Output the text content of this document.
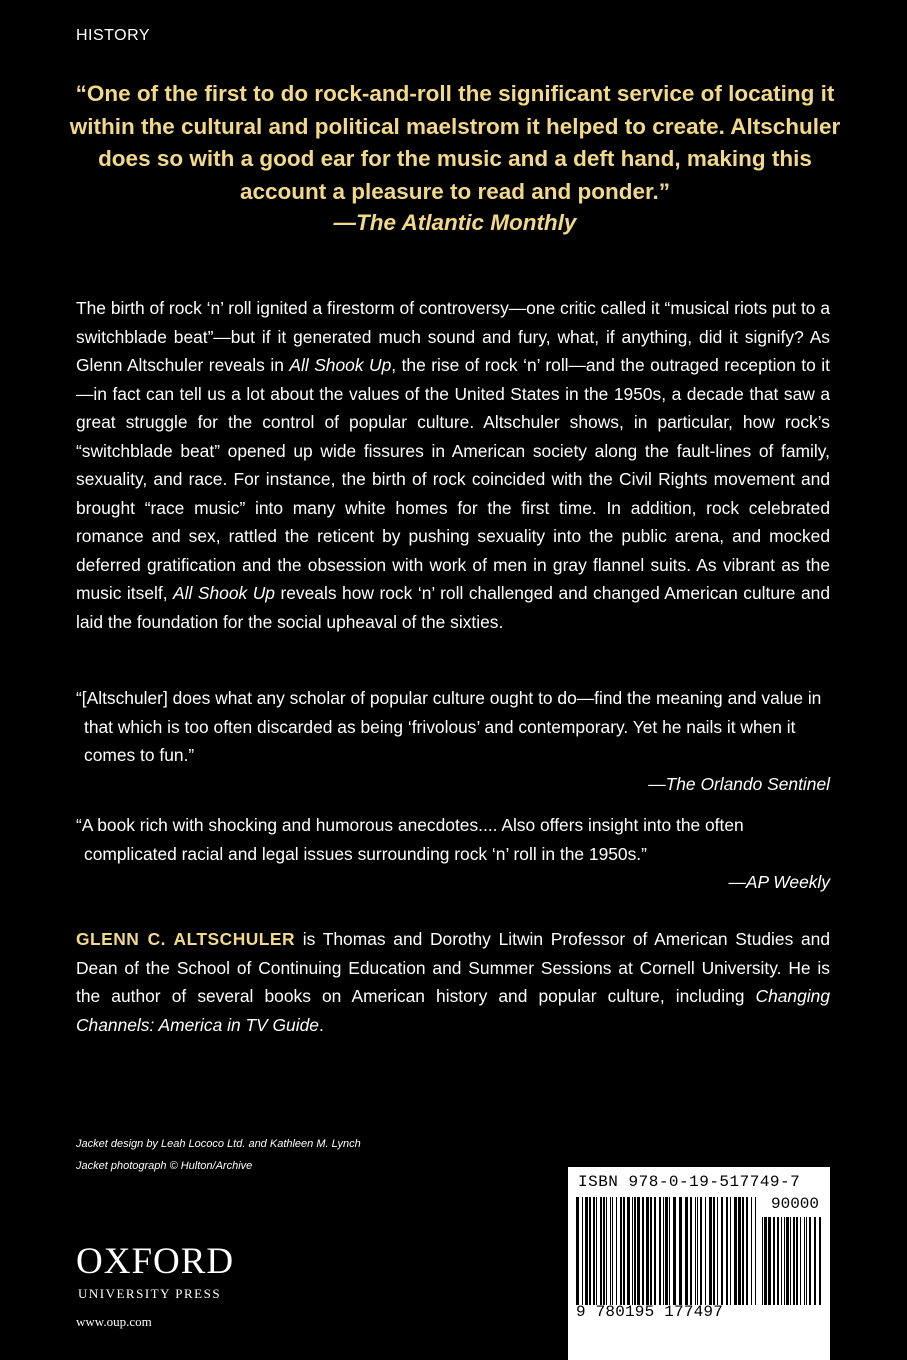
HISTORY
“One of the first to do rock-and-roll the significant service of locating it within the cultural and political maelstrom it helped to create. Altschuler does so with a good ear for the music and a deft hand, making this account a pleasure to read and ponder.”
—The Atlantic Monthly

The birth of rock ‘n’ roll ignited a firestorm of controversy—one critic called it “musical riots put to a switchblade beat”—but if it generated much sound and fury, what, if anything, did it signify? As Glenn Altschuler reveals in All Shook Up, the rise of rock ‘n’ roll—and the outraged reception to it—in fact can tell us a lot about the values of the United States in the 1950s, a decade that saw a great struggle for the control of popular culture. Altschuler shows, in particular, how rock’s “switchblade beat” opened up wide fissures in American society along the fault-lines of family, sexuality, and race. For instance, the birth of rock coincided with the Civil Rights movement and brought “race music” into many white homes for the first time. In addition, rock celebrated romance and sex, rattled the reticent by pushing sexuality into the public arena, and mocked deferred gratification and the obsession with work of men in gray flannel suits. As vibrant as the music itself, All Shook Up reveals how rock ‘n’ roll challenged and changed American culture and laid the foundation for the social upheaval of the sixties.

“[Altschuler] does what any scholar of popular culture ought to do—find the meaning and value in that which is too often discarded as being ‘frivolous’ and contemporary. Yet he nails it when it comes to fun.”
—The Orlando Sentinel
“A book rich with shocking and humorous anecdotes.... Also offers insight into the often complicated racial and legal issues surrounding rock ‘n’ roll in the 1950s.”
—AP Weekly

GLENN C. ALTSCHULER is Thomas and Dorothy Litwin Professor of American Studies and Dean of the School of Continuing Education and Summer Sessions at Cornell University. He is the author of several books on American history and popular culture, including Changing Channels: America in TV Guide.

Jacket design by Leah Lococo Ltd. and Kathleen M. Lynch
Jacket photograph © Hulton/Archive
OXFORD
UNIVERSITY PRESS
www.oup.com
ISBN 978-0-19-517749-7
90000
9 780195 177497
